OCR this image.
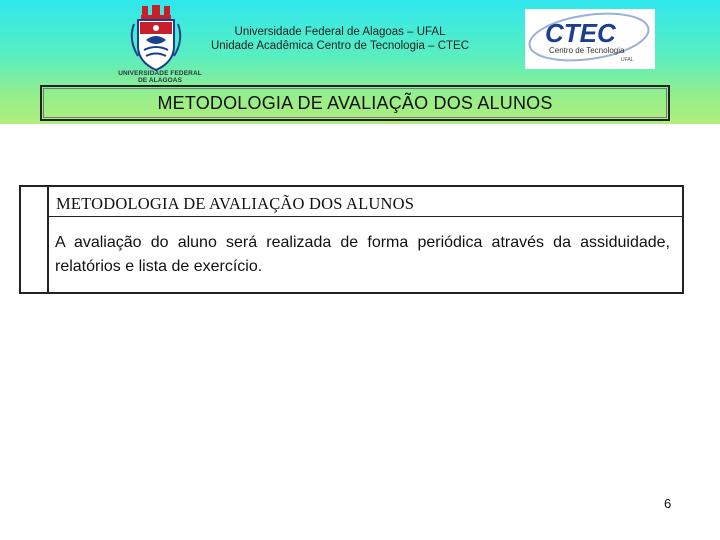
UNIVERSIDADE FEDERAL
DE ALAGOAS
Universidade Federal de Alagoas – UFAL
Unidade Acadêmica Centro de Tecnologia – CTEC	CTEC
Centro de Tecnologia
UFAL
METODOLOGIA DE AVALIAÇÃO DOS ALUNOS
METODOLOGIA DE AVALIAÇÃO DOS ALUNOS
A avaliação do aluno será realizada de forma periódica através da assiduidade, relatórios e lista de exercício.
6
